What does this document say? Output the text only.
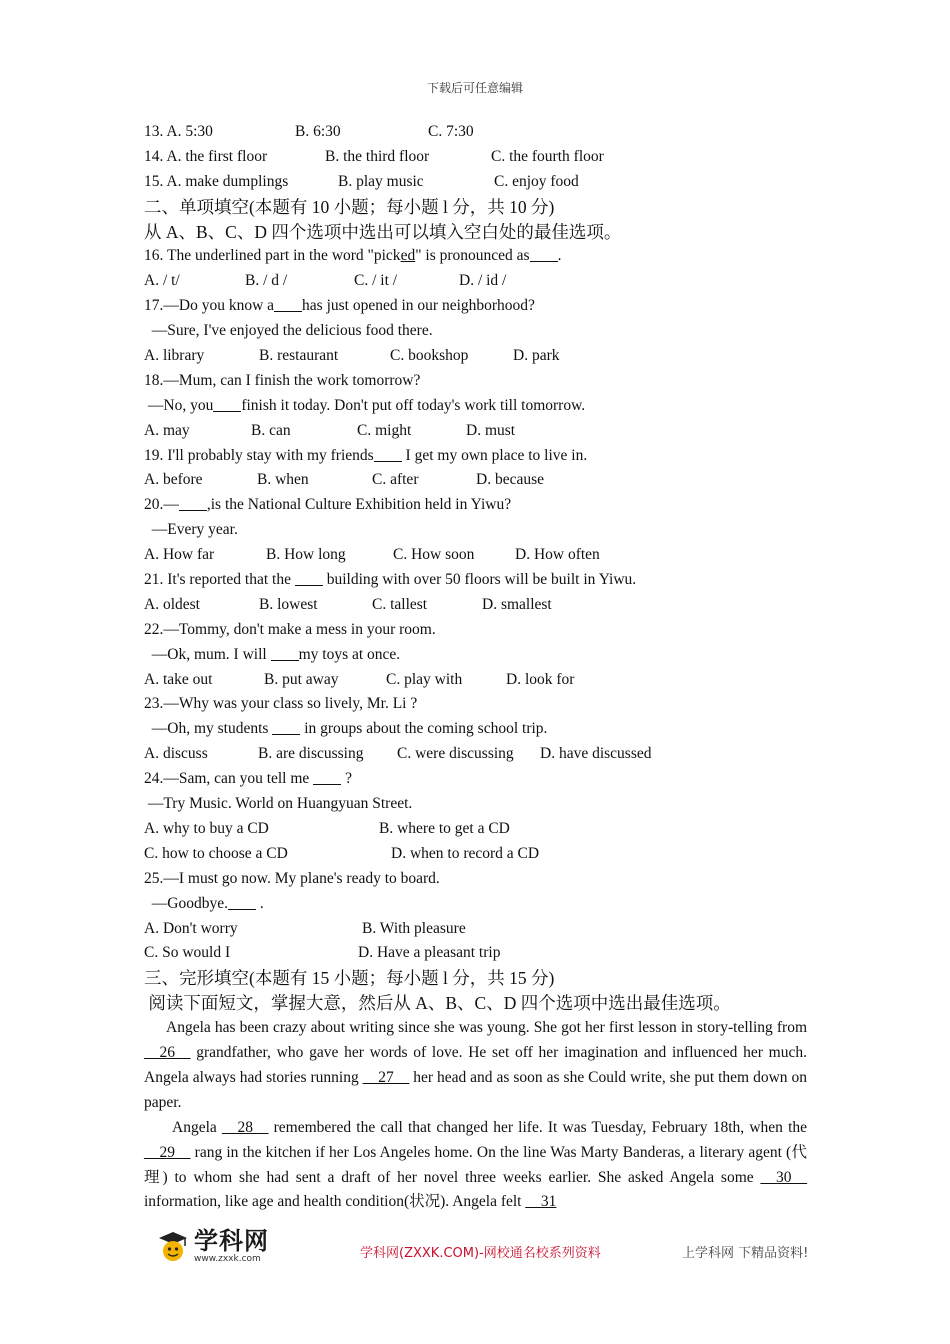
下载后可任意编辑

13. A. 5:30

	B. 6:30

	C. 7:30

14. A. the first floor

	B. the third floor

	C. the fourth floor

15. A. make dumplings

	B. play music

	C. enjoy food

二、单项填空(本题有 10 小题；每小题 l 分，共 10 分)
从 A、B、C、D 四个选项中选出可以填入空白处的最佳选项。
16. The underlined part in the word "picked" is pronounced as .

A. / t/

	B. / d /

	C. / it /

	D. / id /

17.—Do you know a has just opened in our neighborhood?
—Sure, I've enjoyed the delicious food there.

A. library

	B. restaurant

	C. bookshop

	D. park

18.—Mum, can I finish the work tomorrow?
—No, you finish it today. Don't put off today's work till tomorrow.

A. may

	B. can

	C. might

	D. must

19. I'll probably stay with my friends I get my own place to live in.

A. before

	B. when

	C. after

	D. because

20.— ,is the National Culture Exhibition held in Yiwu?
—Every year.

A. How far

	B. How long

	C. How soon

	D. How often

21. It's reported that the  building with over 50 floors will be built in Yiwu.

A. oldest

	B. lowest

	C. tallest

	D. smallest

22.—Tommy, don't make a mess in your room.
—Ok, mum. I will my toys at once.

A. take out

	B. put away

	C. play with

	D. look for

23.—Why was your class so lively, Mr. Li ?
—Oh, my students  in groups about the coming school trip.

A. discuss

	B. are discussing

C. were discussing

D. have discussed

24.—Sam, can you tell me  ?
—Try Music. World on Huangyuan Street.

A. why to buy a CD

	B. where to get a CD

C. how to choose a CD

	D. when to record a CD

25.—I must go now. My plane's ready to board.
—Goodbye. .

A. Don't worry

	B. With pleasure

C. So would I

	D. Have a pleasant trip

三、完形填空(本题有 15 小题；每小题 l 分，共 15 分)
阅读下面短文，掌握大意，然后从 A、B、C、D 四个选项中选出最佳选项。

Angela has been crazy about writing since she was young. She got her first lesson in story-telling from __26__ grandfather, who gave her words of love. He set off her imagination and influenced her much. Angela always had stories running __27__ her head and as soon as she Could write, she put them down on paper.

Angela __28__ remembered the call that changed her life. It was Tuesday, February 18th, when the __29__ rang in the kitchen if her Los Angeles home. On the line Was Marty Banderas, a literary agent (代理) to whom she had sent a draft of her novel three weeks earlier. She asked Angela some __30__ information, like age and health condition(状况). Angela felt __31

学科网
www.zxxk.com	学科网(ZXXK.COM)-网校通名校系列资料	上学科网 下精品资料!
